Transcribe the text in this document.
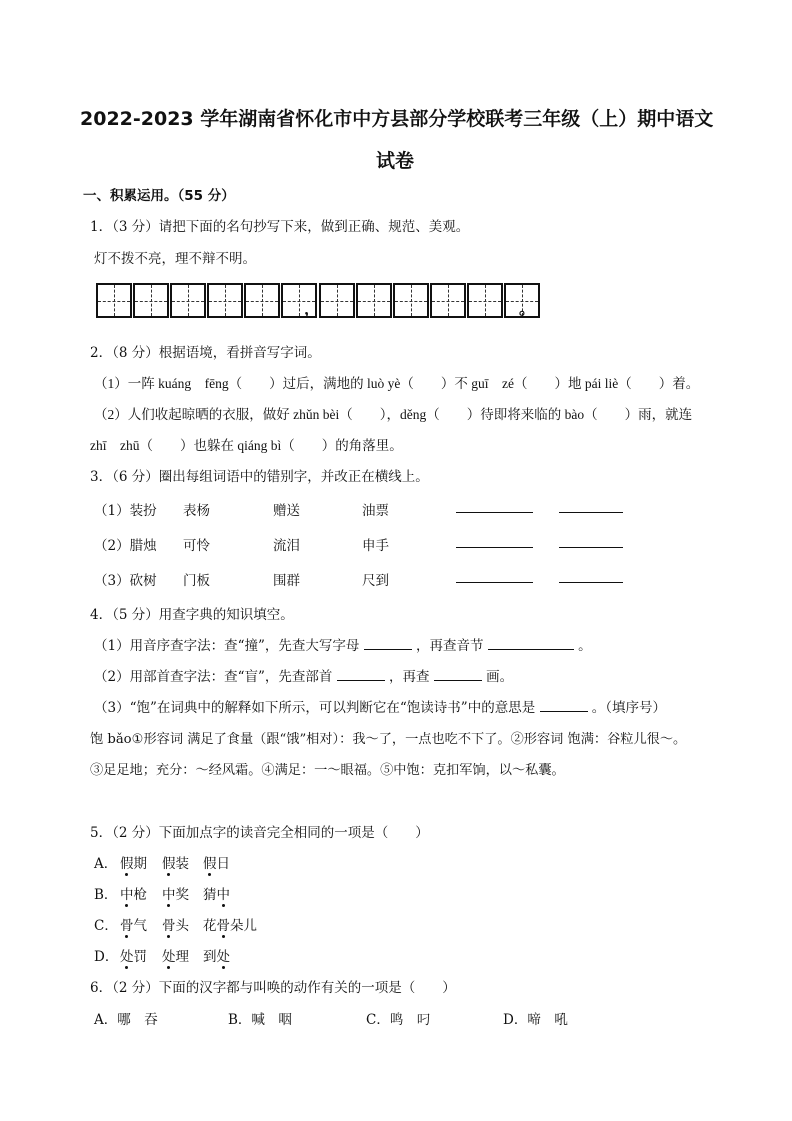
2022-2023 学年湖南省怀化市中方县部分学校联考三年级（上）期中语文
试卷
一、积累运用。（55 分）
1．（3 分）请把下面的名句抄写下来，做到正确、规范、美观。
灯不拨不亮，理不辩不明。
，	。
2．（8 分）根据语境，看拼音写字词。
（1）一阵 kuáng　fēng（　　）过后，满地的 luò yè（　　）不 guī　zé（　　）地 pái liè（　　）着。
（2）人们收起晾晒的衣服，做好 zhǔn bèi（　　），děng（　　）待即将来临的 bào（　　）雨，就连
zhī　zhū（　　）也躲在 qiáng bì（　　）的角落里。
3．（6 分）圈出每组词语中的错别字，并改正在横线上。
（1）装扮 表杨	赠送	油票
（2）腊烛 可怜	流泪	申手
（3）砍树 门板	围群	尺到
4．（5 分）用查字典的知识填空。
（1）用音序查字法：查“撞”，先查大写字母	，再查音节	。
（2）用部首查字法：查“盲”，先查部首	，再查	画。
（3）“饱”在词典中的解释如下所示，可以判断它在“饱读诗书”中的意思是	。（填序号）
饱 bǎo①形容词 满足了食量（跟“饿”相对）：我～了，一点也吃不下了。②形容词 饱满：谷粒儿很～。
③足足地；充分：～经风霜。④满足：一～眼福。⑤中饱：克扣军饷，以～私囊。
5．（2 分）下面加点字的读音完全相同的一项是（　　）
A． 假期 假装 假日
B． 中枪 中奖 猜中
C． 骨气 骨头 花骨朵儿
D． 处罚 处理 到处
6．（2 分）下面的汉字都与叫唤的动作有关的一项是（　　）
A．哪　吞	B．喊　咽	C．鸣　叼	D．啼　吼
